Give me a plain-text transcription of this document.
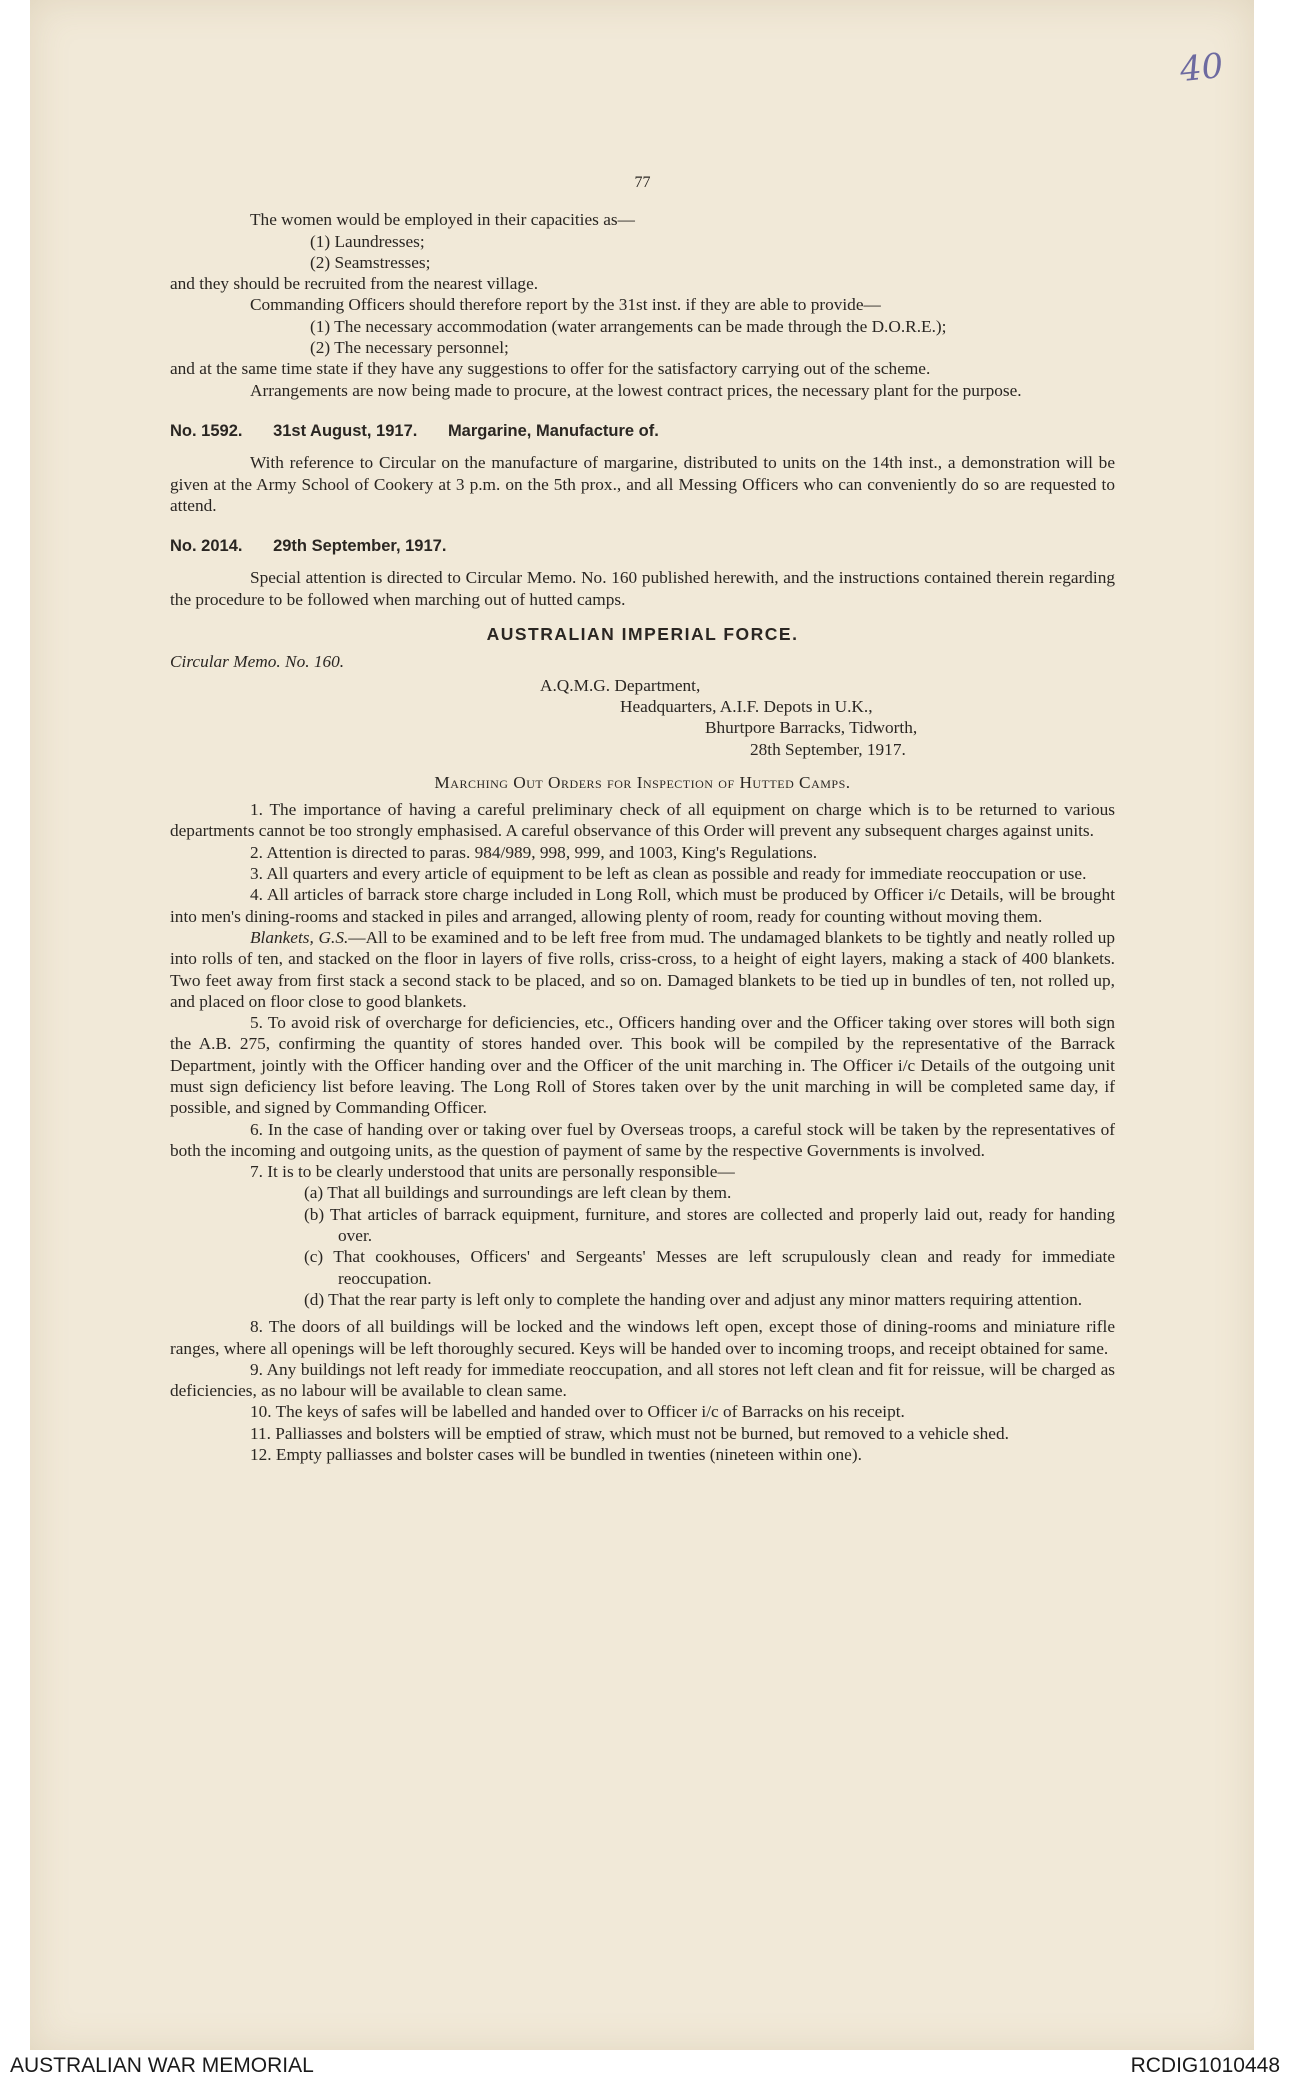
40
77

The women would be employed in their capacities as—

(1) Laundresses;

(2) Seamstresses;

and they should be recruited from the nearest village.

Commanding Officers should therefore report by the 31st inst. if they are able to provide—

(1) The necessary accommodation (water arrangements can be made through the D.O.R.E.);

(2) The necessary personnel;

and at the same time state if they have any suggestions to offer for the satisfactory carrying out of the scheme.

Arrangements are now being made to procure, at the lowest contract prices, the necessary plant for the purpose.

No. 1592. 31st August, 1917. Margarine, Manufacture of.

With reference to Circular on the manufacture of margarine, distributed to units on the 14th inst., a demonstration will be given at the Army School of Cookery at 3 p.m. on the 5th prox., and all Messing Officers who can conveniently do so are requested to attend.

No. 2014. 29th September, 1917.

Special attention is directed to Circular Memo. No. 160 published herewith, and the instructions contained therein regarding the procedure to be followed when marching out of hutted camps.

AUSTRALIAN IMPERIAL FORCE.

Circular Memo. No. 160.

A.Q.M.G. Department,

Headquarters, A.I.F. Depots in U.K.,

Bhurtpore Barracks, Tidworth,

28th September, 1917.

Marching Out Orders for Inspection of Hutted Camps.

1. The importance of having a careful preliminary check of all equipment on charge which is to be returned to various departments cannot be too strongly emphasised. A careful observance of this Order will prevent any subsequent charges against units.

2. Attention is directed to paras. 984/989, 998, 999, and 1003, King's Regulations.

3. All quarters and every article of equipment to be left as clean as possible and ready for immediate reoccupation or use.

4. All articles of barrack store charge included in Long Roll, which must be produced by Officer i/c Details, will be brought into men's dining-rooms and stacked in piles and arranged, allowing plenty of room, ready for counting without moving them.

Blankets, G.S.—All to be examined and to be left free from mud. The undamaged blankets to be tightly and neatly rolled up into rolls of ten, and stacked on the floor in layers of five rolls, criss-cross, to a height of eight layers, making a stack of 400 blankets. Two feet away from first stack a second stack to be placed, and so on. Damaged blankets to be tied up in bundles of ten, not rolled up, and placed on floor close to good blankets.

5. To avoid risk of overcharge for deficiencies, etc., Officers handing over and the Officer taking over stores will both sign the A.B. 275, confirming the quantity of stores handed over. This book will be compiled by the representative of the Barrack Department, jointly with the Officer handing over and the Officer of the unit marching in. The Officer i/c Details of the outgoing unit must sign deficiency list before leaving. The Long Roll of Stores taken over by the unit marching in will be completed same day, if possible, and signed by Commanding Officer.

6. In the case of handing over or taking over fuel by Overseas troops, a careful stock will be taken by the representatives of both the incoming and outgoing units, as the question of payment of same by the respective Governments is involved.

7. It is to be clearly understood that units are personally responsible—

(a) That all buildings and surroundings are left clean by them.

(b) That articles of barrack equipment, furniture, and stores are collected and properly laid out, ready for handing over.

(c) That cookhouses, Officers' and Sergeants' Messes are left scrupulously clean and ready for immediate reoccupation.

(d) That the rear party is left only to complete the handing over and adjust any minor matters requiring attention.

8. The doors of all buildings will be locked and the windows left open, except those of dining-rooms and miniature rifle ranges, where all openings will be left thoroughly secured. Keys will be handed over to incoming troops, and receipt obtained for same.

9. Any buildings not left ready for immediate reoccupation, and all stores not left clean and fit for reissue, will be charged as deficiencies, as no labour will be available to clean same.

10. The keys of safes will be labelled and handed over to Officer i/c of Barracks on his receipt.

11. Palliasses and bolsters will be emptied of straw, which must not be burned, but removed to a vehicle shed.

12. Empty palliasses and bolster cases will be bundled in twenties (nineteen within one).

AUSTRALIAN WAR MEMORIAL	RCDIG1010448
